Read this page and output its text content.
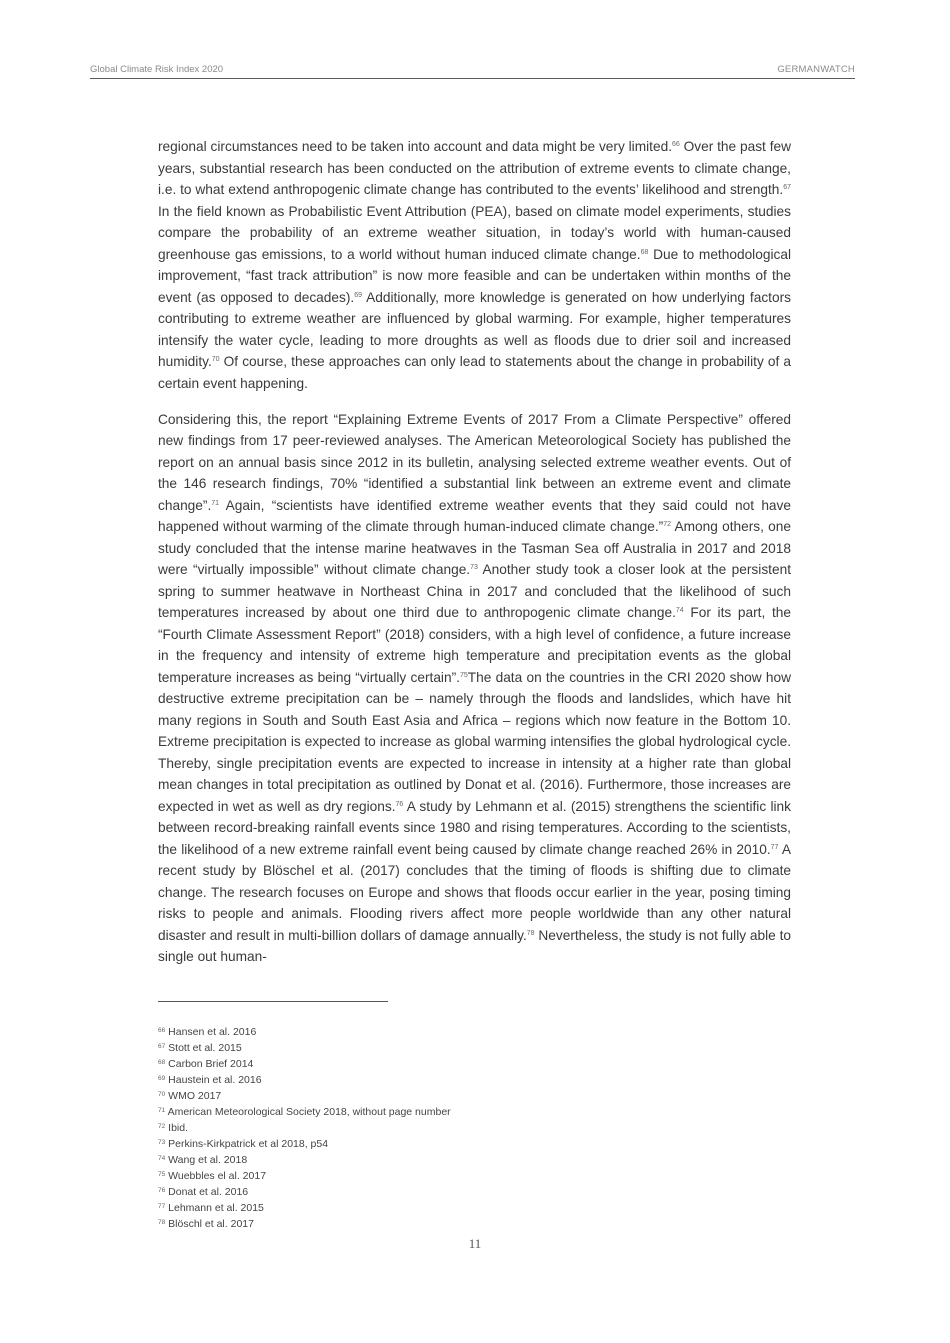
Global Climate Risk Index 2020	GERMANWATCH

regional circumstances need to be taken into account and data might be very limited.$^{66}$ Over the past few years, substantial research has been conducted on the attribution of extreme events to climate change, i.e. to what extend anthropogenic climate change has contributed to the events’ likelihood and strength.$^{67}$ In the field known as Probabilistic Event Attribution (PEA), based on climate model experiments, studies compare the probability of an extreme weather situation, in today’s world with human-caused greenhouse gas emissions, to a world without human induced climate change.$^{68}$ Due to methodological improvement, “fast track attribution” is now more feasible and can be undertaken within months of the event (as opposed to decades).$^{69}$ Additionally, more knowledge is generated on how underlying factors contributing to extreme weather are influenced by global warming. For example, higher temperatures intensify the water cycle, leading to more droughts as well as floods due to drier soil and increased humidity.$^{70}$ Of course, these approaches can only lead to statements about the change in probability of a certain event happening.

Considering this, the report “Explaining Extreme Events of 2017 From a Climate Perspective” offered new findings from 17 peer-reviewed analyses. The American Meteorological Society has published the report on an annual basis since 2012 in its bulletin, analysing selected extreme weather events. Out of the 146 research findings, 70% “identified a substantial link between an extreme event and climate change”.$^{71}$ Again, “scientists have identified extreme weather events that they said could not have happened without warming of the climate through human-induced climate change.”$^{72}$ Among others, one study concluded that the intense marine heatwaves in the Tasman Sea off Australia in 2017 and 2018 were “virtually impossible” without climate change.$^{73}$ Another study took a closer look at the persistent spring to summer heatwave in Northeast China in 2017 and concluded that the likelihood of such temperatures increased by about one third due to anthropogenic climate change.$^{74}$ For its part, the “Fourth Climate Assessment Report” (2018) considers, with a high level of confidence, a future increase in the frequency and intensity of extreme high temperature and precipitation events as the global temperature increases as being “virtually certain”.$^{75}$The data on the countries in the CRI 2020 show how destructive extreme precipitation can be – namely through the floods and landslides, which have hit many regions in South and South East Asia and Africa – regions which now feature in the Bottom 10. Extreme precipitation is expected to increase as global warming intensifies the global hydrological cycle. Thereby, single precipitation events are expected to increase in intensity at a higher rate than global mean changes in total precipitation as outlined by Donat et al. (2016). Furthermore, those increases are expected in wet as well as dry regions.$^{76}$ A study by Lehmann et al. (2015) strengthens the scientific link between record-breaking rainfall events since 1980 and rising temperatures. According to the scientists, the likelihood of a new extreme rainfall event being caused by climate change reached 26% in 2010.77 A recent study by Blöschel et al. (2017) concludes that the timing of floods is shifting due to climate change. The research focuses on Europe and shows that floods occur earlier in the year, posing timing risks to people and animals. Flooding rivers affect more people worldwide than any other natural disaster and result in multi-billion dollars of damage annually.$^{78}$ Nevertheless, the study is not fully able to single out human-

$^{66}$ Hansen et al. 2016
$^{67}$ Stott et al. 2015
$^{68}$ Carbon Brief 2014
$^{69}$ Haustein et al. 2016
$^{70}$ WMO 2017
$^{71}$ American Meteorological Society 2018, without page number
$^{72}$ Ibid.
$^{73}$ Perkins-Kirkpatrick et al 2018, p54
$^{74}$ Wang et al. 2018
$^{75}$ Wuebbles el al. 2017
$^{76}$ Donat et al. 2016
$^{77}$ Lehmann et al. 2015
$^{78}$ Blöschl et al. 2017
11
